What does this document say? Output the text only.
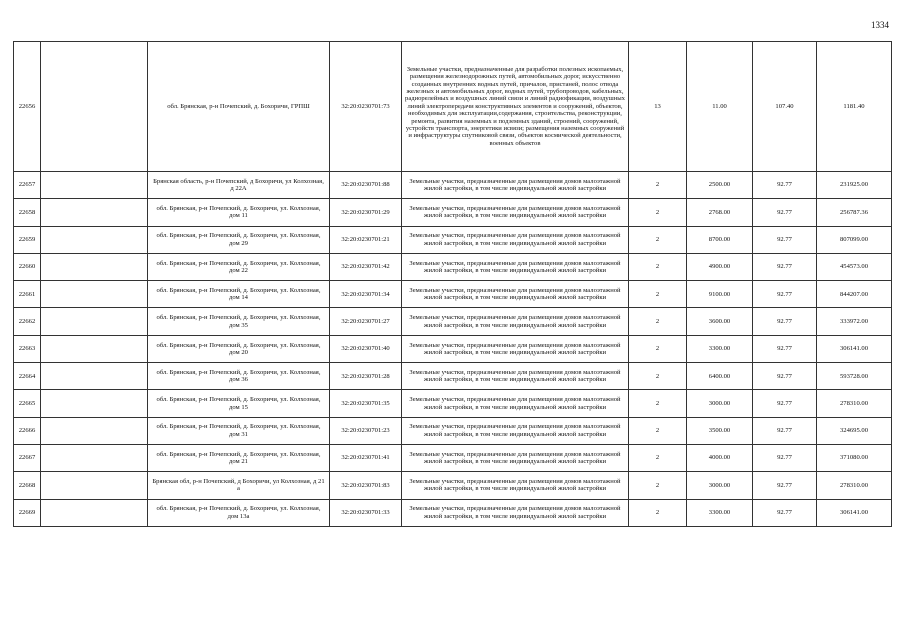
1334
22656		обл. Брянская, р-н Почепский, д. Бохоричи, ГРПШ	32:20:0230701:73	Земельные участки, предназначенные для разработки полезных ископаемых, размещения железнодорожных путей, автомобильных дорог, искусственно созданных внутренних водных путей, причалов, пристаней, полос отвода железных и автомобильных дорог, водных путей, трубопроводов, кабельных, радиорелейных и воздушных линий связи и линий радиофикации, воздушных линий электропередачи конструктивных элементов и сооружений, объектов, необходимых для эксплуатации,содержания, строительства, реконструкции, ремонта, развития наземных и подземных зданий, строений, сооружений, устройств транспорта, энергетики исвязи; размещения наземных сооружений и инфраструктуры спутниковой связи, объектов космической деятельности, военных объектов	13	11.00	107.40	1181.40
22657		Брянская область, р-н Почепский, д Бохоричи, ул Колхозная, д 22А	32:20:0230701:88	Земельные участки, предназначенные для размещения домов малоэтажной жилой застройки, в том числе индивидуальной жилой застройки	2	2500.00	92.77	231925.00
22658		обл. Брянская, р-н Почепский, д. Бохоричи, ул. Колхозная, дом 11	32:20:0230701:29	Земельные участки, предназначенные для размещения домов малоэтажной жилой застройки, в том числе индивидуальной жилой застройки	2	2768.00	92.77	256787.36
22659		обл. Брянская, р-н Почепский, д. Бохоричи, ул. Колхозная, дом 29	32:20:0230701:21	Земельные участки, предназначенные для размещения домов малоэтажной жилой застройки, в том числе индивидуальной жилой застройки	2	8700.00	92.77	807099.00
22660		обл. Брянская, р-н Почепский, д. Бохоричи, ул. Колхозная, дом 22	32:20:0230701:42	Земельные участки, предназначенные для размещения домов малоэтажной жилой застройки, в том числе индивидуальной жилой застройки	2	4900.00	92.77	454573.00
22661		обл. Брянская, р-н Почепский, д. Бохоричи, ул. Колхозная, дом 14	32:20:0230701:34	Земельные участки, предназначенные для размещения домов малоэтажной жилой застройки, в том числе индивидуальной жилой застройки	2	9100.00	92.77	844207.00
22662		обл. Брянская, р-н Почепский, д. Бохоричи, ул. Колхозная, дом 35	32:20:0230701:27	Земельные участки, предназначенные для размещения домов малоэтажной жилой застройки, в том числе индивидуальной жилой застройки	2	3600.00	92.77	333972.00
22663		обл. Брянская, р-н Почепский, д. Бохоричи, ул. Колхозная, дом 20	32:20:0230701:40	Земельные участки, предназначенные для размещения домов малоэтажной жилой застройки, в том числе индивидуальной жилой застройки	2	3300.00	92.77	306141.00
22664		обл. Брянская, р-н Почепский, д. Бохоричи, ул. Колхозная, дом 36	32:20:0230701:28	Земельные участки, предназначенные для размещения домов малоэтажной жилой застройки, в том числе индивидуальной жилой застройки	2	6400.00	92.77	593728.00
22665		обл. Брянская, р-н Почепский, д. Бохоричи, ул. Колхозная, дом 15	32:20:0230701:35	Земельные участки, предназначенные для размещения домов малоэтажной жилой застройки, в том числе индивидуальной жилой застройки	2	3000.00	92.77	278310.00
22666		обл. Брянская, р-н Почепский, д. Бохоричи, ул. Колхозная, дом 31	32:20:0230701:23	Земельные участки, предназначенные для размещения домов малоэтажной жилой застройки, в том числе индивидуальной жилой застройки	2	3500.00	92.77	324695.00
22667		обл. Брянская, р-н Почепский, д. Бохоричи, ул. Колхозная, дом 21	32:20:0230701:41	Земельные участки, предназначенные для размещения домов малоэтажной жилой застройки, в том числе индивидуальной жилой застройки	2	4000.00	92.77	371080.00
22668		Брянская обл, р-н Почепский, д Бохоричи, ул Колхозная, д 21 а	32:20:0230701:83	Земельные участки, предназначенные для размещения домов малоэтажной жилой застройки, в том числе индивидуальной жилой застройки	2	3000.00	92.77	278310.00
22669		обл. Брянская, р-н Почепский, д. Бохоричи, ул. Колхозная, дом 13а	32:20:0230701:33	Земельные участки, предназначенные для размещения домов малоэтажной жилой застройки, в том числе индивидуальной жилой застройки	2	3300.00	92.77	306141.00
